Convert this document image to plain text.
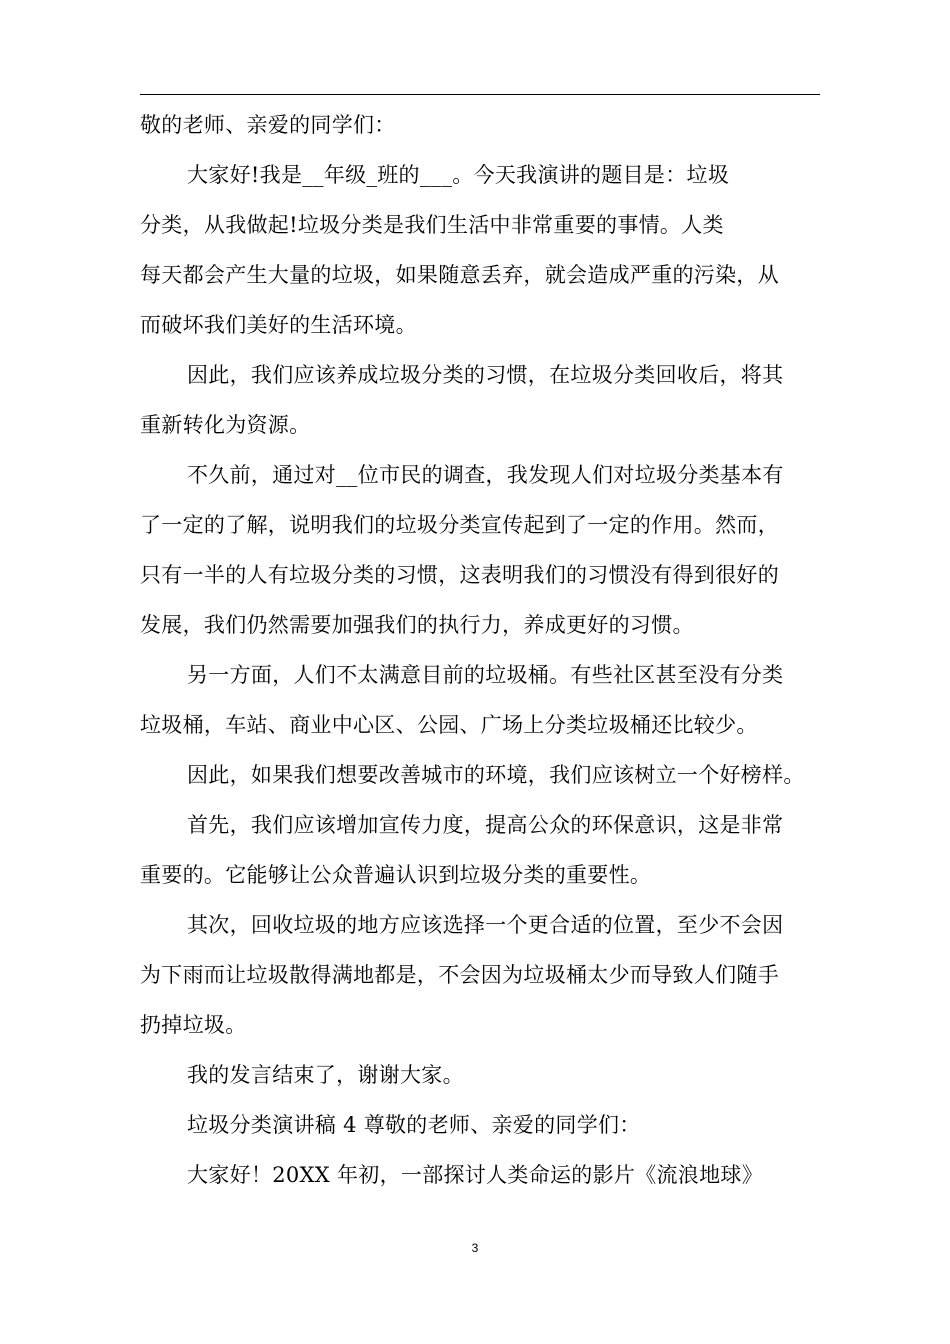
敬的老师、亲爱的同学们：
大家好!我是__年级_班的___。今天我演讲的题目是：垃圾
分类，从我做起!垃圾分类是我们生活中非常重要的事情。人类
每天都会产生大量的垃圾，如果随意丢弃，就会造成严重的污染，从
而破坏我们美好的生活环境。
因此，我们应该养成垃圾分类的习惯，在垃圾分类回收后，将其
重新转化为资源。
不久前，通过对__位市民的调查，我发现人们对垃圾分类基本有
了一定的了解，说明我们的垃圾分类宣传起到了一定的作用。然而，
只有一半的人有垃圾分类的习惯，这表明我们的习惯没有得到很好的
发展，我们仍然需要加强我们的执行力，养成更好的习惯。
另一方面，人们不太满意目前的垃圾桶。有些社区甚至没有分类
垃圾桶，车站、商业中心区、公园、广场上分类垃圾桶还比较少。
因此，如果我们想要改善城市的环境，我们应该树立一个好榜样。
首先，我们应该增加宣传力度，提高公众的环保意识，这是非常
重要的。它能够让公众普遍认识到垃圾分类的重要性。
其次，回收垃圾的地方应该选择一个更合适的位置，至少不会因
为下雨而让垃圾散得满地都是，不会因为垃圾桶太少而导致人们随手
扔掉垃圾。
我的发言结束了，谢谢大家。
垃圾分类演讲稿 4 尊敬的老师、亲爱的同学们：
大家好！20XX 年初，一部探讨人类命运的影片《流浪地球》
3
